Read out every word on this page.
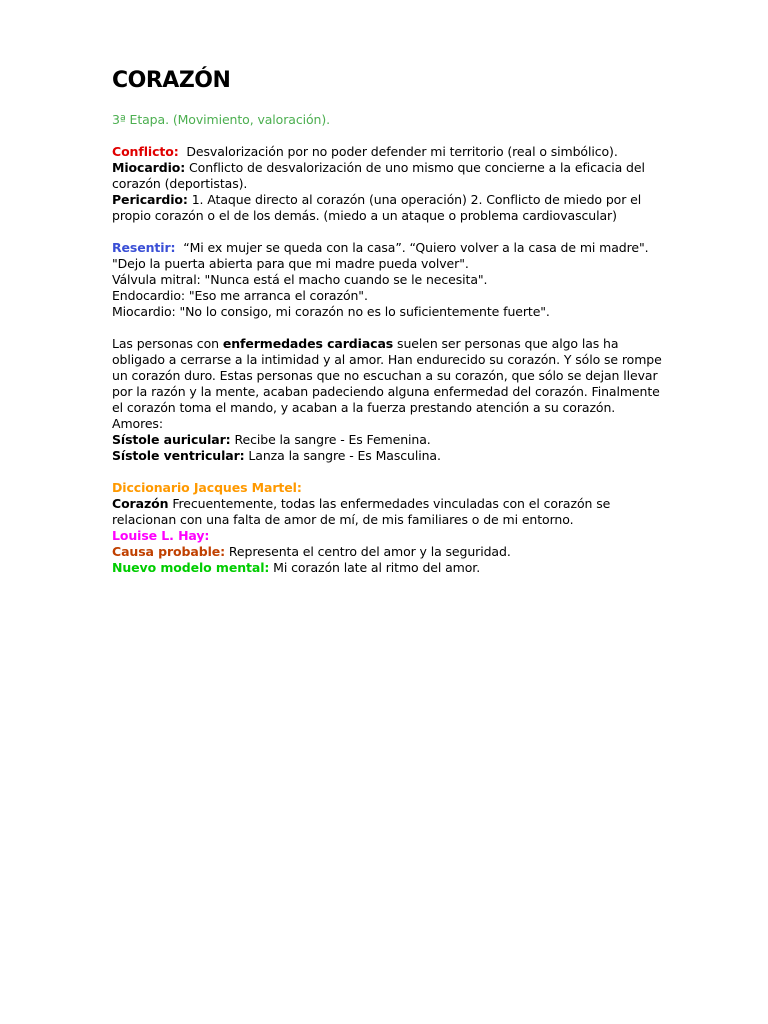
CORAZÓN

3ª Etapa. (Movimiento, valoración).

Conflicto: Desvalorización por no poder defender mi territorio (real o simbólico).

Miocardio: Conflicto de desvalorización de uno mismo que concierne a la eficacia del corazón (deportistas).

Pericardio: 1. Ataque directo al corazón (una operación) 2. Conflicto de miedo por el propio corazón o el de los demás. (miedo a un ataque o problema cardiovascular)

Resentir: “Mi ex mujer se queda con la casa”. “Quiero volver a la casa de mi madre". "Dejo la puerta abierta para que mi madre pueda volver".

Válvula mitral: "Nunca está el macho cuando se le necesita".

Endocardio: "Eso me arranca el corazón".

Miocardio: "No lo consigo, mi corazón no es lo suficientemente fuerte".

Las personas con enfermedades cardiacas suelen ser personas que algo las ha obligado a cerrarse a la intimidad y al amor. Han endurecido su corazón. Y sólo se rompe un corazón duro. Estas personas que no escuchan a su corazón, que sólo se dejan llevar por la razón y la mente, acaban padeciendo alguna enfermedad del corazón. Finalmente el corazón toma el mando, y acaban a la fuerza prestando atención a su corazón.

Amores:

Sístole auricular: Recibe la sangre - Es Femenina.

Sístole ventricular: Lanza la sangre - Es Masculina.

Diccionario Jacques Martel:

Corazón Frecuentemente, todas las enfermedades vinculadas con el corazón se relacionan con una falta de amor de mí, de mis familiares o de mi entorno.

Louise L. Hay:

Causa probable: Representa el centro del amor y la seguridad.

Nuevo modelo mental: Mi corazón late al ritmo del amor.
